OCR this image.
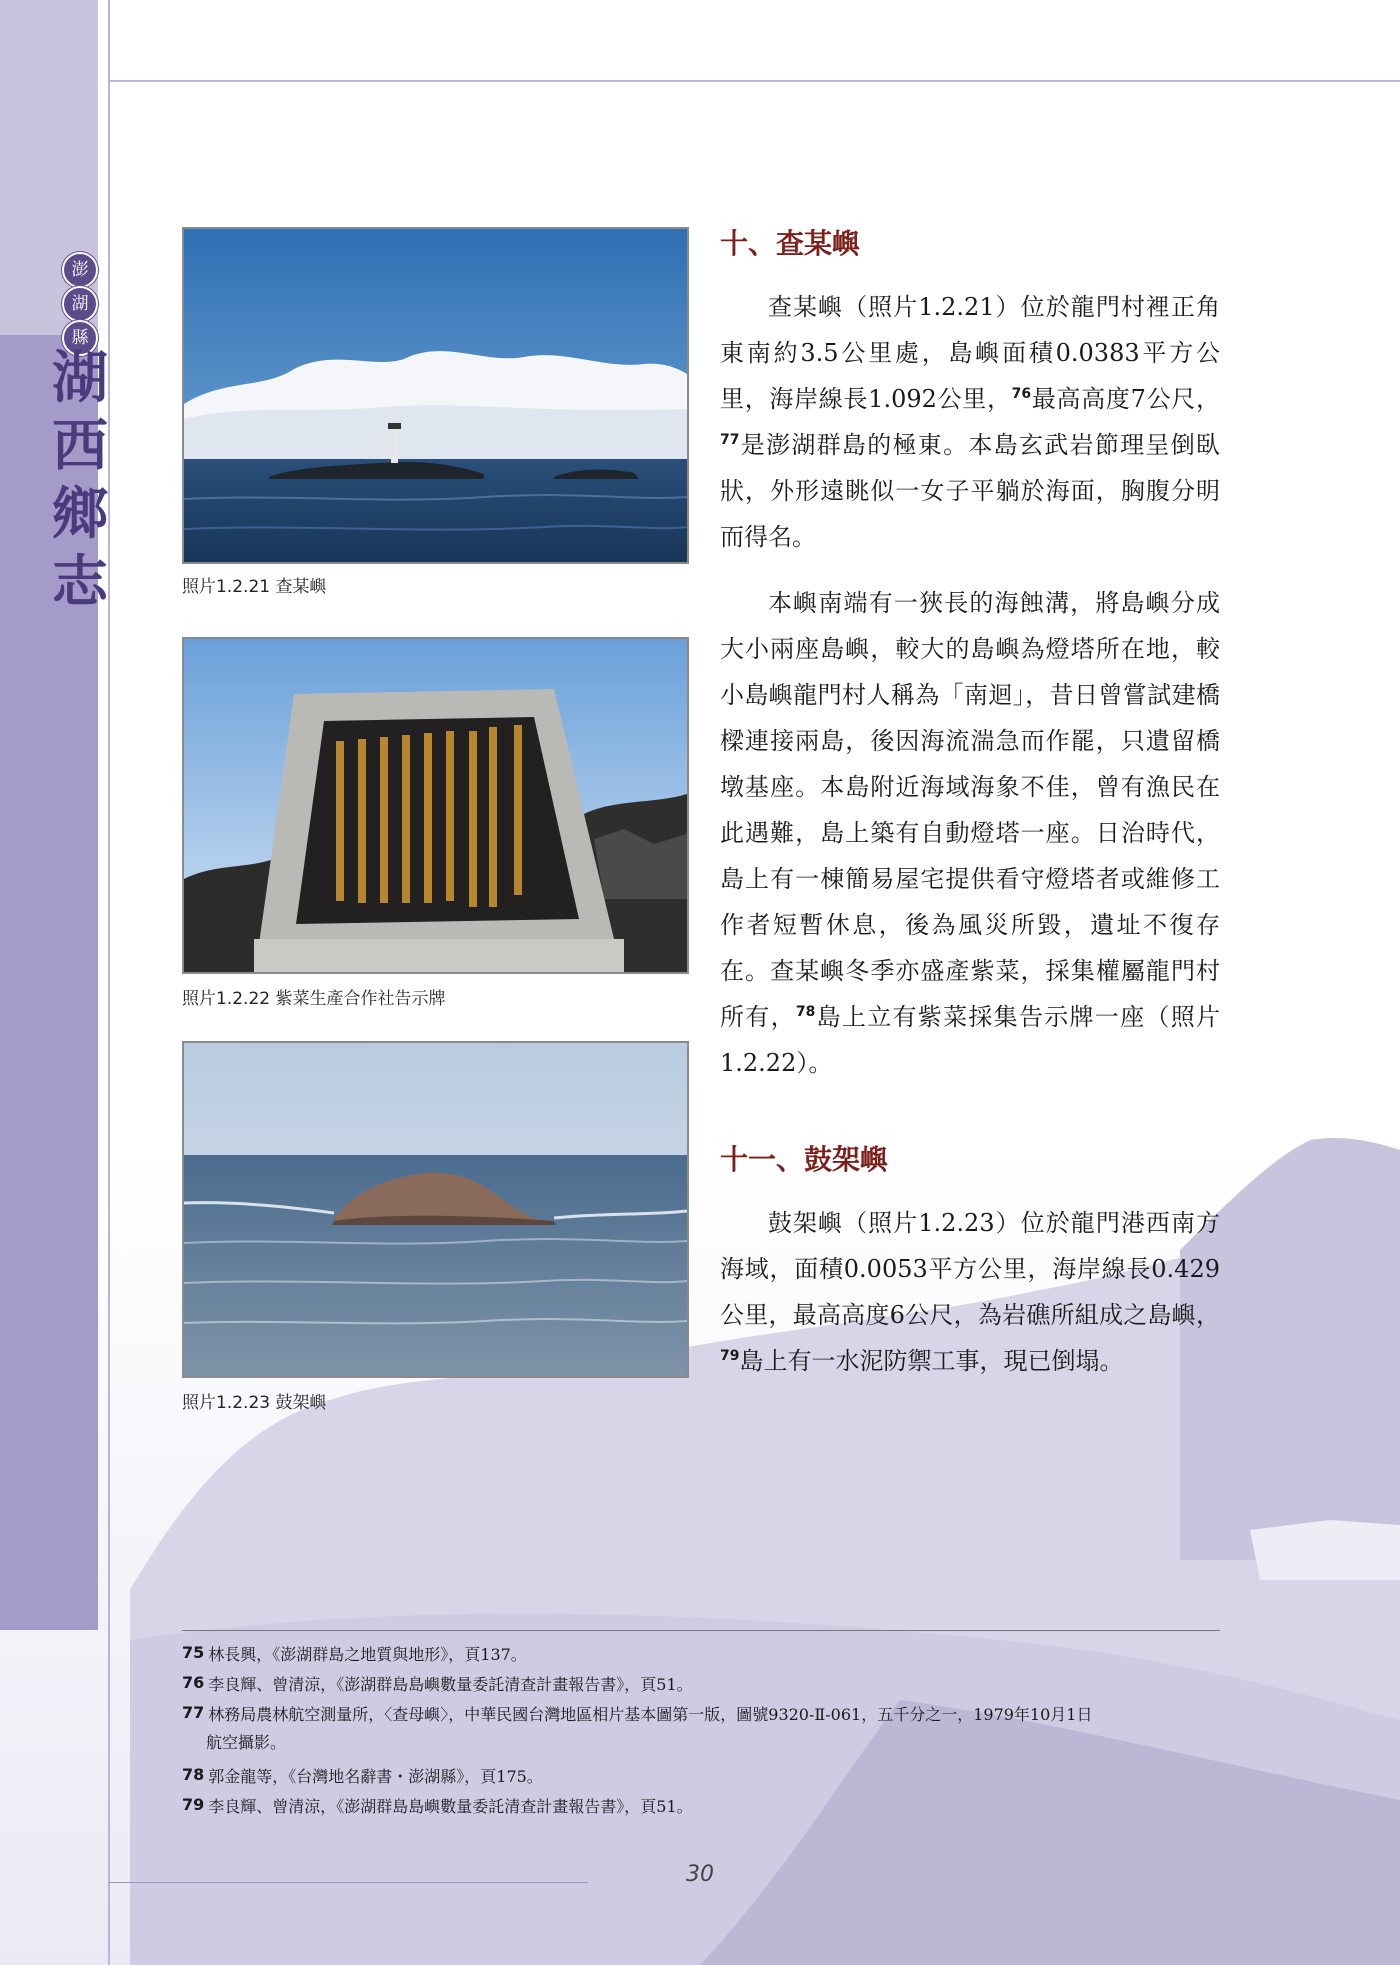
澎
湖
縣
湖
西
鄉
志	照片1.2.21 查某嶼
照片1.2.22 紫菜生產合作社告示牌
照片1.2.23 鼓架嶼
十、查某嶼

查某嶼（照片1.2.21）位於龍門村裡正角東南約3.5公里處，島嶼面積0.0383平方公里，海岸線長1.092公里，$^{76}$最高高度7公尺，$^{77}$是澎湖群島的極東。本島玄武岩節理呈倒臥狀，外形遠眺似一女子平躺於海面，胸腹分明而得名。

本嶼南端有一狹長的海蝕溝，將島嶼分成大小兩座島嶼，較大的島嶼為燈塔所在地，較小島嶼龍門村人稱為「南迴」，昔日曾嘗試建橋樑連接兩島，後因海流湍急而作罷，只遺留橋墩基座。本島附近海域海象不佳，曾有漁民在此遇難，島上築有自動燈塔一座。日治時代，島上有一棟簡易屋宅提供看守燈塔者或維修工作者短暫休息，後為風災所毀，遺址不復存在。查某嶼冬季亦盛產紫菜，採集權屬龍門村所有，$^{78}$島上立有紫菜採集告示牌一座（照片1.2.22）。

十一、鼓架嶼

鼓架嶼（照片1.2.23）位於龍門港西南方海域，面積0.0053平方公里，海岸線長0.429公里，最高高度6公尺，為岩礁所組成之島嶼，$^{79}$島上有一水泥防禦工事，現已倒塌。

75 林長興，《澎湖群島之地質與地形》，頁137。
76 李良輝、曾清涼，《澎湖群島島嶼數量委託清查計畫報告書》，頁51。
77 林務局農林航空測量所，〈查母嶼〉，中華民國台灣地區相片基本圖第一版，圖號9320-Ⅱ-061，五千分之一，1979年10月1日
航空攝影。
78 郭金龍等，《台灣地名辭書・澎湖縣》，頁175。
79 李良輝、曾清涼，《澎湖群島島嶼數量委託清查計畫報告書》，頁51。
30
